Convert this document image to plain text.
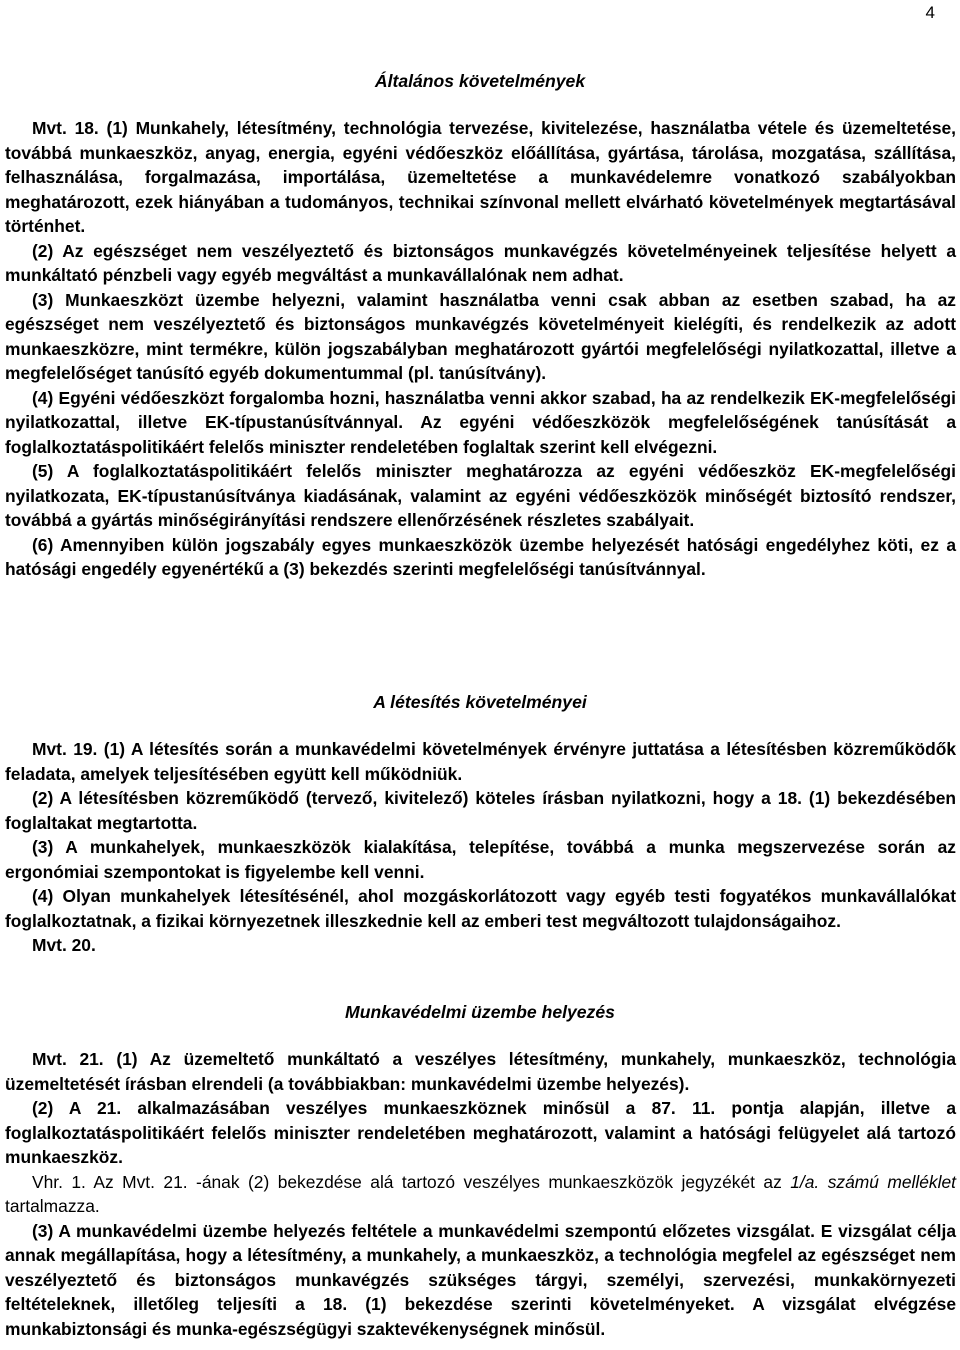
4
Általános követelmények

Mvt. 18. (1) Munkahely, létesítmény, technológia tervezése, kivitelezése, használatba vétele és üzemeltetése, továbbá munkaeszköz, anyag, energia, egyéni védőeszköz előállítása, gyártása, tárolása, mozgatása, szállítása, felhasználása, forgalmazása, importálása, üzemeltetése a munkavédelemre vonatkozó szabályokban meghatározott, ezek hiányában a tudományos, technikai színvonal mellett elvárható követelmények megtartásával történhet.

(2) Az egészséget nem veszélyeztető és biztonságos munkavégzés követelményeinek teljesítése helyett a munkáltató pénzbeli vagy egyéb megváltást a munkavállalónak nem adhat.

(3) Munkaeszközt üzembe helyezni, valamint használatba venni csak abban az esetben szabad, ha az egészséget nem veszélyeztető és biztonságos munkavégzés követelményeit kielégíti, és rendelkezik az adott munkaeszközre, mint termékre, külön jogszabályban meghatározott gyártói megfelelőségi nyilatkozattal, illetve a megfelelőséget tanúsító egyéb dokumentummal (pl. tanúsítvány).

(4) Egyéni védőeszközt forgalomba hozni, használatba venni akkor szabad, ha az rendelkezik EK-megfelelőségi nyilatkozattal, illetve EK-típustanúsítvánnyal. Az egyéni védőeszközök megfelelőségének tanúsítását a foglalkoztatáspolitikáért felelős miniszter rendeletében foglaltak szerint kell elvégezni.

(5) A foglalkoztatáspolitikáért felelős miniszter meghatározza az egyéni védőeszköz EK-megfelelőségi nyilatkozata, EK-típustanúsítványa kiadásának, valamint az egyéni védőeszközök minőségét biztosító rendszer, továbbá a gyártás minőségirányítási rendszere ellenőrzésének részletes szabályait.

(6) Amennyiben külön jogszabály egyes munkaeszközök üzembe helyezését hatósági engedélyhez köti, ez a hatósági engedély egyenértékű a (3) bekezdés szerinti megfelelőségi tanúsítvánnyal.

A létesítés követelményei

Mvt. 19. (1) A létesítés során a munkavédelmi követelmények érvényre juttatása a létesítésben közreműködők feladata, amelyek teljesítésében együtt kell működniük.

(2) A létesítésben közreműködő (tervező, kivitelező) köteles írásban nyilatkozni, hogy a 18. (1) bekezdésében foglaltakat megtartotta.

(3) A munkahelyek, munkaeszközök kialakítása, telepítése, továbbá a munka megszervezése során az ergonómiai szempontokat is figyelembe kell venni.

(4) Olyan munkahelyek létesítésénél, ahol mozgáskorlátozott vagy egyéb testi fogyatékos munkavállalókat foglalkoztatnak, a fizikai környezetnek illeszkednie kell az emberi test megváltozott tulajdonságaihoz.

Mvt. 20.

Munkavédelmi üzembe helyezés

Mvt. 21. (1) Az üzemeltető munkáltató a veszélyes létesítmény, munkahely, munkaeszköz, technológia üzemeltetését írásban elrendeli (a továbbiakban: munkavédelmi üzembe helyezés).

(2) A 21. alkalmazásában veszélyes munkaeszköznek minősül a 87. 11. pontja alapján, illetve a foglalkoztatáspolitikáért felelős miniszter rendeletében meghatározott, valamint a hatósági felügyelet alá tartozó munkaeszköz.

Vhr. 1. Az Mvt. 21. -ának (2) bekezdése alá tartozó veszélyes munkaeszközök jegyzékét az 1/a. számú melléklet tartalmazza.

(3) A munkavédelmi üzembe helyezés feltétele a munkavédelmi szempontú előzetes vizsgálat. E vizsgálat célja annak megállapítása, hogy a létesítmény, a munkahely, a munkaeszköz, a technológia megfelel az egészséget nem veszélyeztető és biztonságos munkavégzés szükséges tárgyi, személyi, szervezési, munkakörnyezeti feltételeknek, illetőleg teljesíti a 18. (1) bekezdése szerinti követelményeket. A vizsgálat elvégzése munkabiztonsági és munka-egészségügyi szaktevékenységnek minősül.
